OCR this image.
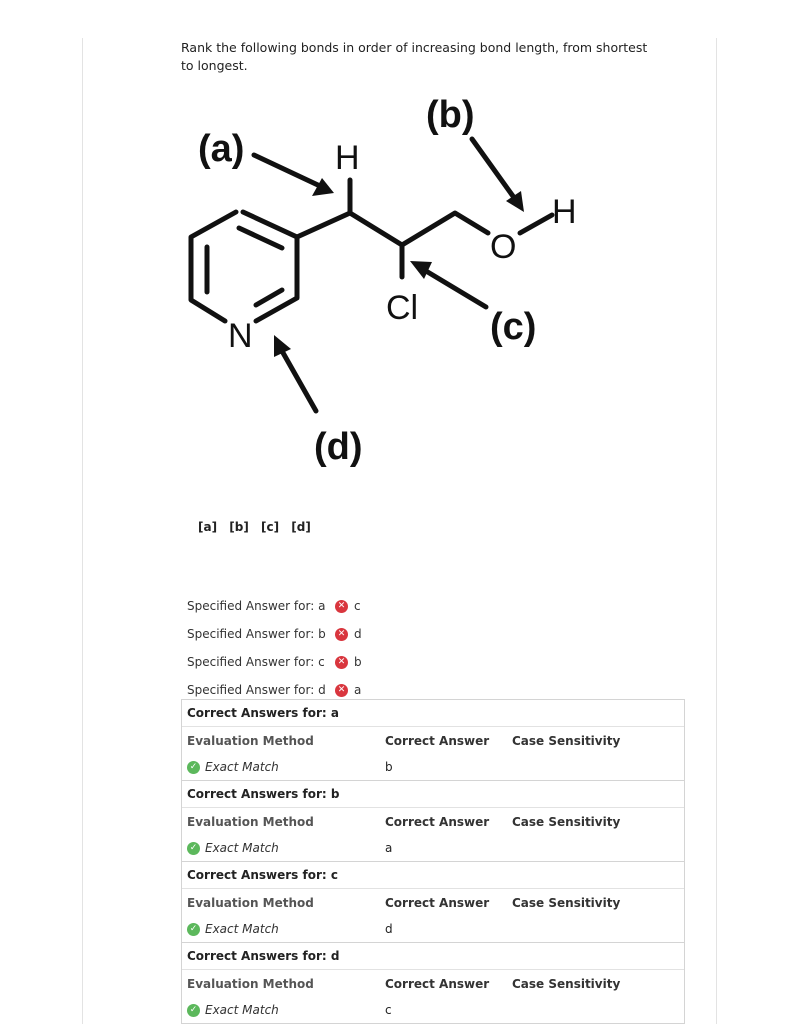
Rank the following bonds in order of increasing bond length, from shortest to longest.
(a)
(b)
(c)
(d)
H
H
O
Cl
N
[a] [b] [c] [d]
Specified Answer for: a	✕ c
Specified Answer for: b	✕ d
Specified Answer for: c	✕ b
Specified Answer for: d	✕ a
Correct Answers for: a
Evaluation Method	Correct Answer Case Sensitivity
✓ Exact Match	b
Correct Answers for: b
Evaluation Method	Correct Answer Case Sensitivity
✓ Exact Match	a
Correct Answers for: c
Evaluation Method	Correct Answer Case Sensitivity
✓ Exact Match	d
Correct Answers for: d
Evaluation Method	Correct Answer Case Sensitivity
✓ Exact Match	c
